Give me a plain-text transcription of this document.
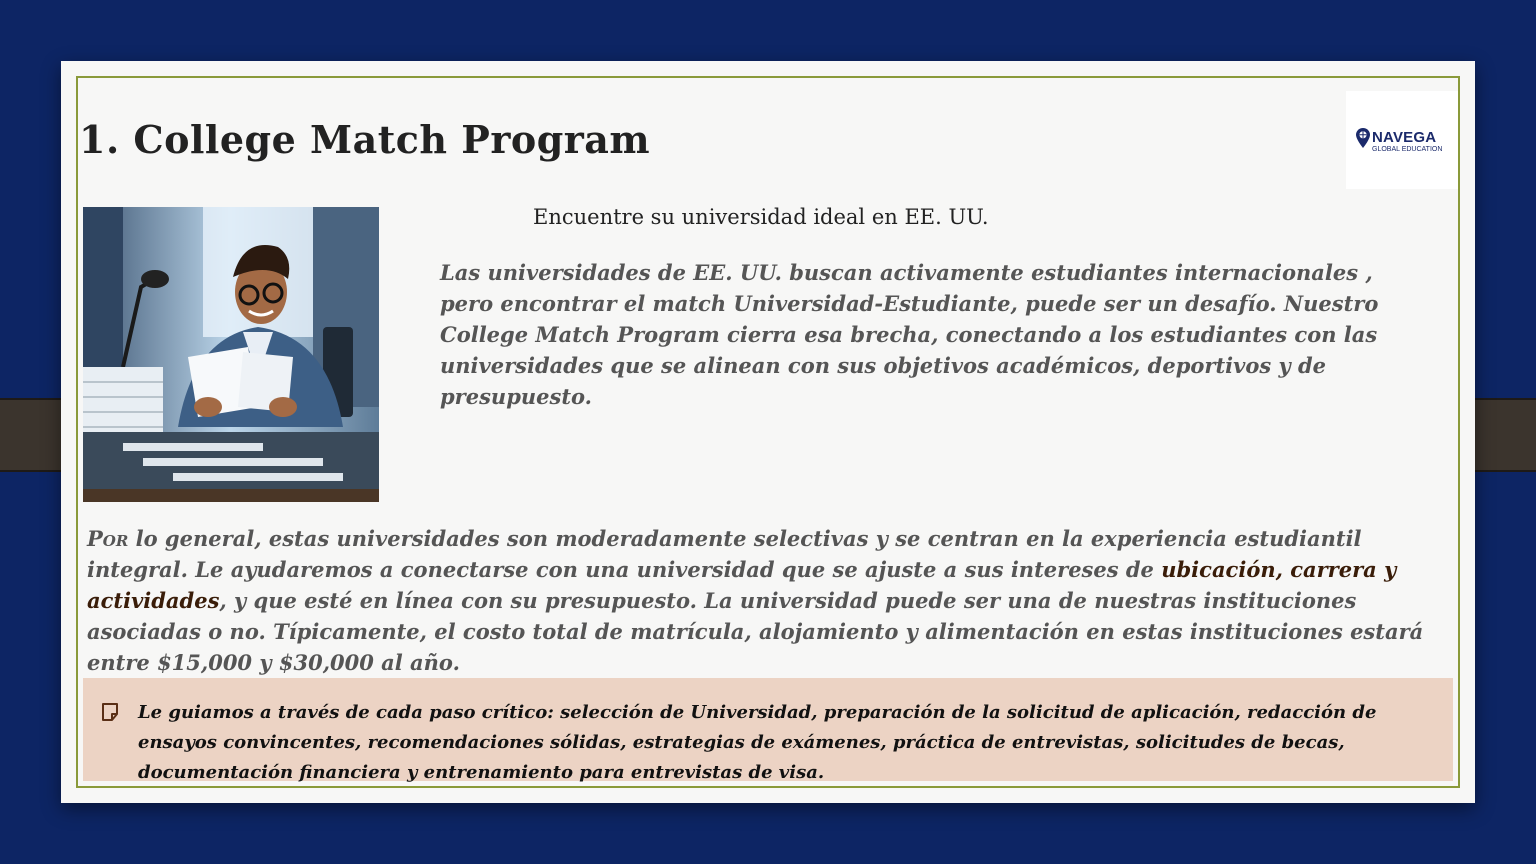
1. College Match Program	NAVEGA
GLOBAL EDUCATION
Encuentre su universidad ideal en EE. UU.

Las universidades de EE. UU. buscan activamente estudiantes internacionales , pero encontrar el match Universidad-Estudiante, puede ser un desafío. Nuestro College Match Program cierra esa brecha, conectando a los estudiantes con las universidades que se alinean con sus objetivos académicos, deportivos y de presupuesto.

Por lo general, estas universidades son moderadamente selectivas y se centran en la experiencia estudiantil integral. Le ayudaremos a conectarse con una universidad que se ajuste a sus intereses de ubicación, carrera y actividades, y que esté en línea con su presupuesto. La universidad puede ser una de nuestras instituciones asociadas o no. Típicamente, el costo total de matrícula, alojamiento y alimentación en estas instituciones estará entre $15,000 y $30,000 al año.

Le guiamos a través de cada paso crítico: selección de Universidad, preparación de la solicitud de aplicación, redacción de ensayos convincentes, recomendaciones sólidas, estrategias de exámenes, práctica de entrevistas, solicitudes de becas, documentación financiera y entrenamiento para entrevistas de visa.
